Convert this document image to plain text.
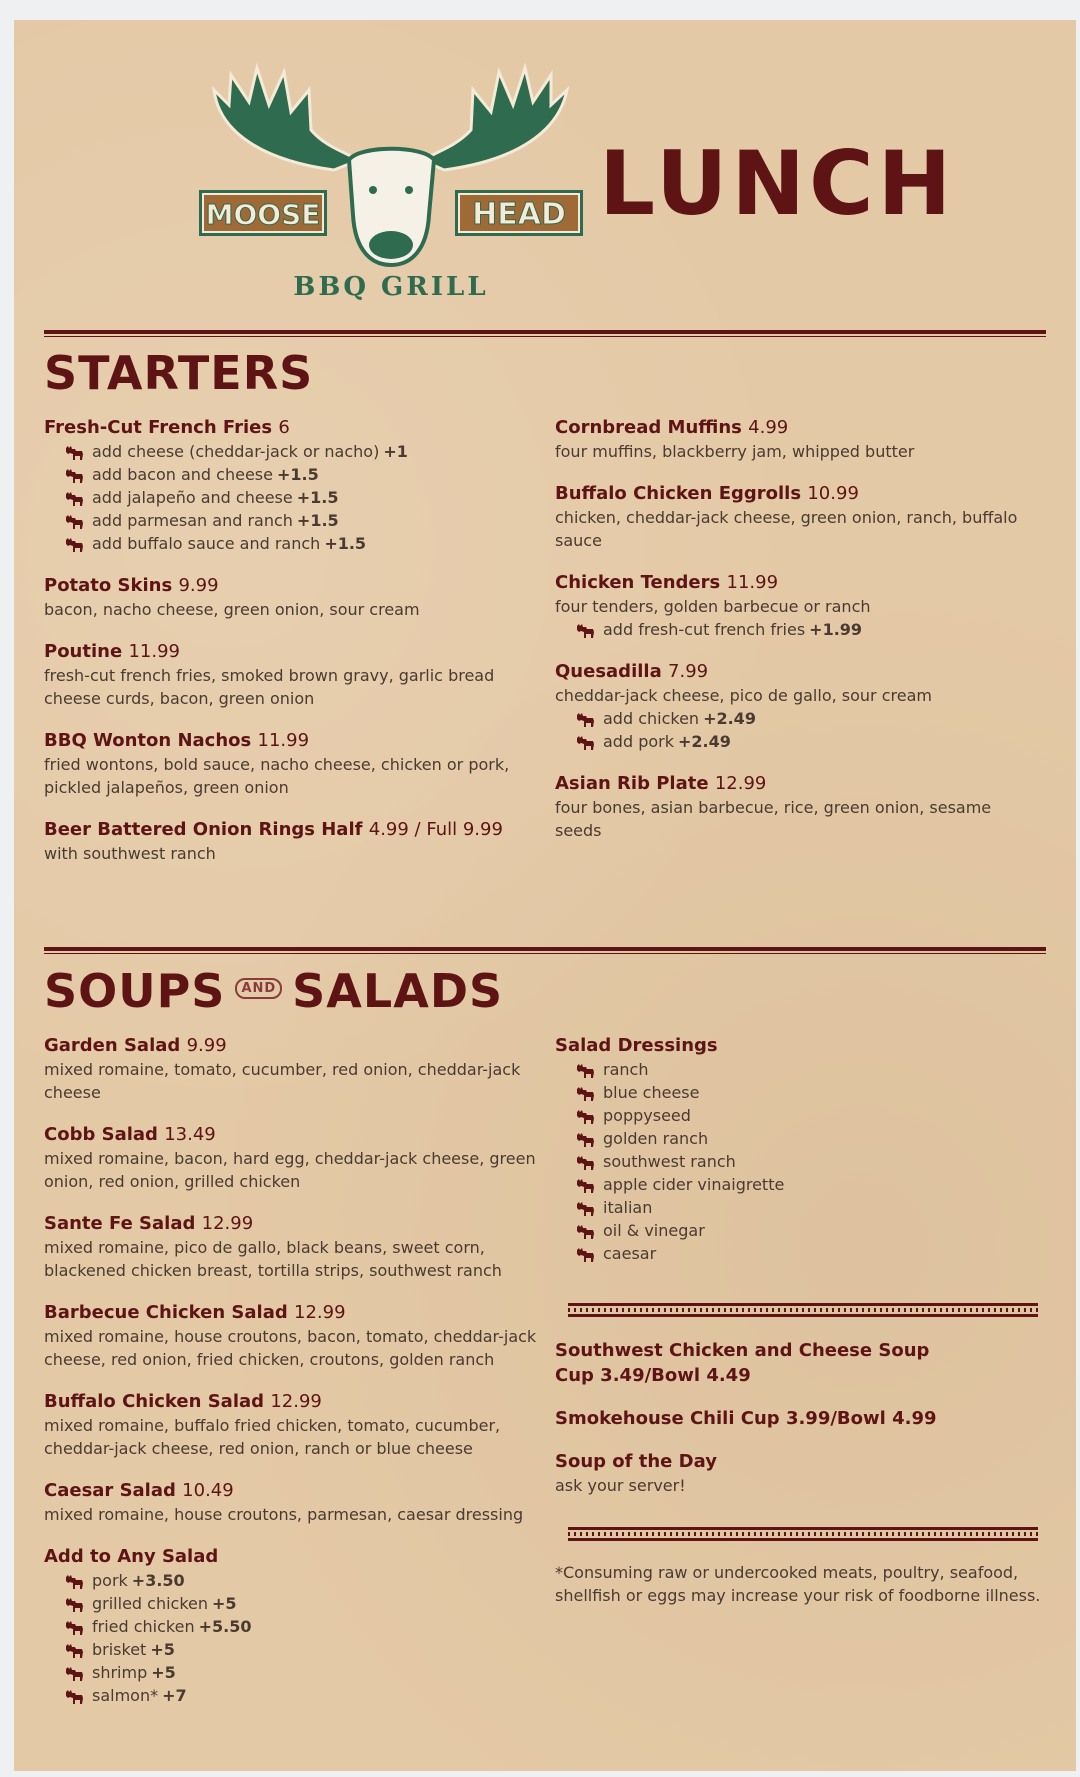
MOOSE	HEAD
BBQ GRILL
LUNCH
STARTERS
Fresh-Cut French Fries 6
add cheese (cheddar-jack or nacho) +1
add bacon and cheese +1.5
add jalapeño and cheese +1.5
add parmesan and ranch +1.5
add buffalo sauce and ranch +1.5
Potato Skins 9.99
bacon, nacho cheese, green onion, sour cream
Poutine 11.99
fresh-cut french fries, smoked brown gravy, garlic bread cheese curds, bacon, green onion
BBQ Wonton Nachos 11.99
fried wontons, bold sauce, nacho cheese, chicken or pork, pickled jalapeños, green onion
Beer Battered Onion Rings Half 4.99 / Full 9.99
with southwest ranch
Cornbread Muffins 4.99
four muffins, blackberry jam, whipped butter
Buffalo Chicken Eggrolls 10.99
chicken, cheddar-jack cheese, green onion, ranch, buffalo sauce
Chicken Tenders 11.99
four tenders, golden barbecue or ranch
add fresh-cut french fries +1.99
Quesadilla 7.99
cheddar-jack cheese, pico de gallo, sour cream
add chicken +2.49
add pork +2.49
Asian Rib Plate 12.99
four bones, asian barbecue, rice, green onion, sesame seeds
SOUPS AND SALADS
Garden Salad 9.99
mixed romaine, tomato, cucumber, red onion, cheddar-jack cheese
Cobb Salad 13.49
mixed romaine, bacon, hard egg, cheddar-jack cheese, green onion, red onion, grilled chicken
Sante Fe Salad 12.99
mixed romaine, pico de gallo, black beans, sweet corn, blackened chicken breast, tortilla strips, southwest ranch
Barbecue Chicken Salad 12.99
mixed romaine, house croutons, bacon, tomato, cheddar-jack cheese, red onion, fried chicken, croutons, golden ranch
Buffalo Chicken Salad 12.99
mixed romaine, buffalo fried chicken, tomato, cucumber, cheddar-jack cheese, red onion, ranch or blue cheese
Caesar Salad 10.49
mixed romaine, house croutons, parmesan, caesar dressing
Add to Any Salad
pork +3.50
grilled chicken +5
fried chicken +5.50
brisket +5
shrimp +5
salmon* +7
Salad Dressings
ranch
blue cheese
poppyseed
golden ranch
southwest ranch
apple cider vinaigrette
italian
oil & vinegar
caesar
Southwest Chicken and Cheese Soup
Cup 3.49/Bowl 4.49
Smokehouse Chili Cup 3.99/Bowl 4.99
Soup of the Day
ask your server!
*Consuming raw or undercooked meats, poultry, seafood, shellfish or eggs may increase your risk of foodborne illness.
